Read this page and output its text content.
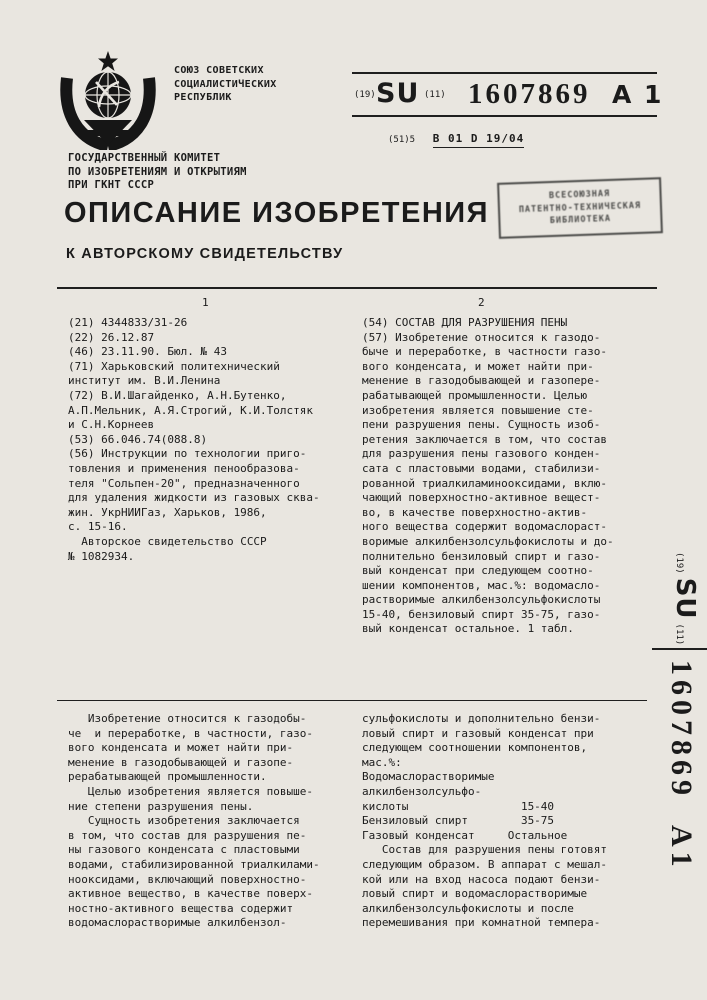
СОЮЗ СОВЕТСКИХ
СОЦИАЛИСТИЧЕСКИХ
РЕСПУБЛИК	(19) SU (11) 1607869 А 1
(51)5 B 01 D 19/04
ГОСУДАРСТВЕННЫЙ КОМИТЕТ
ПО ИЗОБРЕТЕНИЯМ И ОТКРЫТИЯМ
ПРИ ГКНТ СССР
ВСЕСОЮЗНАЯ
ПАТЕНТНО-ТЕХНИЧЕСКАЯ
БИБЛИОТЕКА
ОПИСАНИЕ ИЗОБРЕТЕНИЯ
К АВТОРСКОМУ СВИДЕТЕЛЬСТВУ
1	2
(21) 4344833/31-26
(22) 26.12.87
(46) 23.11.90. Бюл. № 43
(71) Харьковский политехнический
институт им. В.И.Ленина
(72) В.И.Шагайденко, А.Н.Бутенко,
А.П.Мельник, А.Я.Строгий, К.И.Толстяк
и С.Н.Корнеев
(53) 66.046.74(088.8)
(56) Инструкции по технологии приго-
товления и применения пенообразова-
теля "Сольпен-20", предназначенного
для удаления жидкости из газовых сква-
жин. УкрНИИГаз, Харьков, 1986,
с. 15-16.
Авторское свидетельство СССР
№ 1082934.
(54) СОСТАВ ДЛЯ РАЗРУШЕНИЯ ПЕНЫ
(57) Изобретение относится к газодо-
быче и переработке, в частности газо-
вого конденсата, и может найти при-
менение в газодобывающей и газопере-
рабатывающей промышленности. Целью
изобретения является повышение сте-
пени разрушения пены. Сущность изоб-
ретения заключается в том, что состав
для разрушения пены газового конден-
сата с пластовыми водами, стабилизи-
рованной триалкиламинооксидами, вклю-
чающий поверхностно-активное вещест-
во, в качестве поверхностно-актив-
ного вещества содержит водомаслораст-
воримые алкилбензолсульфокислоты и до-
полнительно бензиловый спирт и газо-
вый конденсат при следующем соотно-
шении компонентов, мас.%: водомасло-
растворимые алкилбензолсульфокислоты
15-40, бензиловый спирт 35-75, газо-
вый конденсат остальное. 1 табл.
Изобретение относится к газодобы-
че  и переработке, в частности, газо-
вого конденсата и может найти при-
менение в газодобывающей и газопе-
рерабатывающей промышленности.
Целью изобретения является повыше-
ние степени разрушения пены.
Сущность изобретения заключается
в том, что состав для разрушения пе-
ны газового конденсата с пластовыми
водами, стабилизированной триалкилами-
нооксидами, включающий поверхностно-
активное вещество, в качестве поверх-
ностно-активного вещества содержит
водомаслорастворимые алкилбензол-
сульфокислоты и дополнительно бензи-
ловый спирт и газовый конденсат при
следующем соотношении компонентов,
мас.%:
Водомаслорастворимые
алкилбензолсульфо-
кислоты                 15-40
Бензиловый спирт        35-75
Газовый конденсат     Остальное
Состав для разрушения пены готовят
следующим образом. В аппарат с мешал-
кой или на вход насоса подают бензи-
ловый спирт и водомаслорастворимые
алкилбензолсульфокислоты и после
перемешивания при комнатной темпера-
(19)SU(11)
1607869  А1
